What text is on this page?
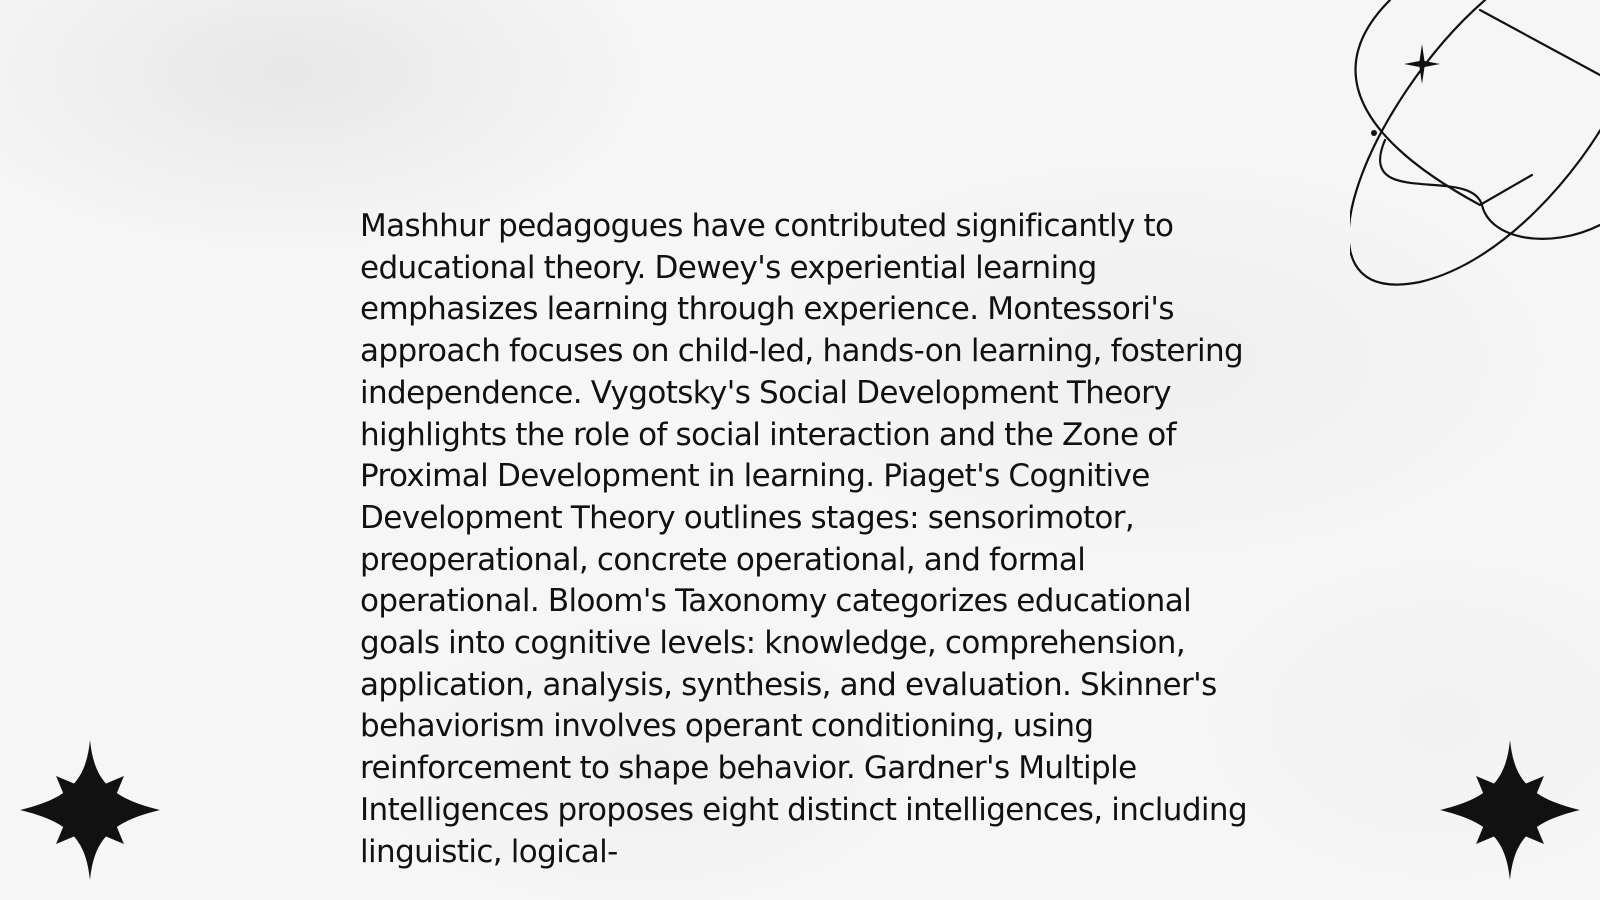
Mashhur pedagogues have contributed significantly to educational theory. Dewey's experiential learning emphasizes learning through experience. Montessori's approach focuses on child-led, hands-on learning, fostering independence. Vygotsky's Social Development Theory highlights the role of social interaction and the Zone of Proximal Development in learning. Piaget's Cognitive Development Theory outlines stages: sensorimotor, preoperational, concrete operational, and formal operational. Bloom's Taxonomy categorizes educational goals into cognitive levels: knowledge, comprehension, application, analysis, synthesis, and evaluation. Skinner's behaviorism involves operant conditioning, using reinforcement to shape behavior. Gardner's Multiple Intelligences proposes eight distinct intelligences, including linguistic, logical-
